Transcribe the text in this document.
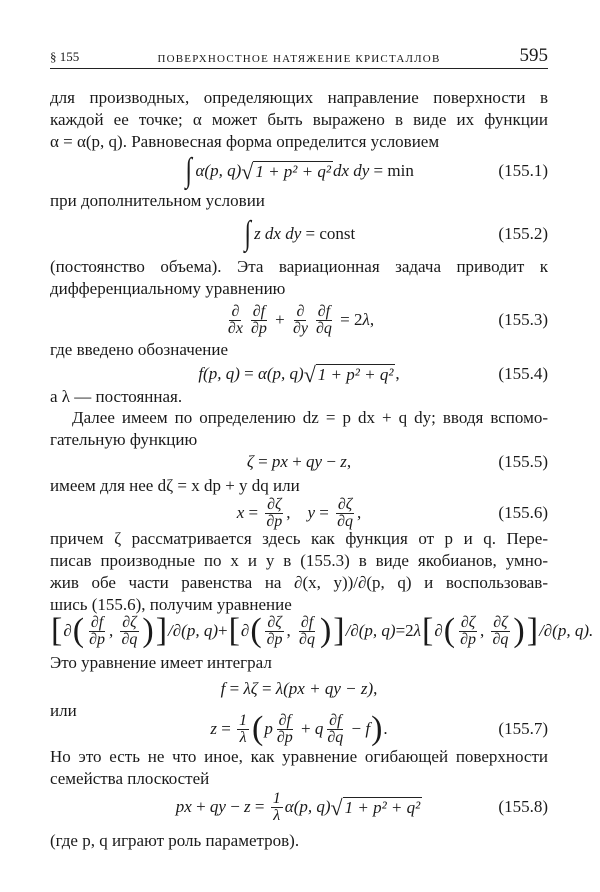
§ 155	ПОВЕРХНОСТНОЕ НАТЯЖЕНИЕ КРИСТАЛЛОВ	595
для производных, определяющих направление поверхности в
каждой ее точке; α может быть выражено в виде их функции
α = α(p, q). Равновесная форма определится условием
при дополнительном условии
(постоянство объема). Эта вариационная задача приводит к
дифференциальному уравнению
где введено обозначение
а λ — постоянная.
Далее имеем по определению dz = p dx + q dy; вводя вспомо-
гательную функцию
имеем для нее dζ = x dp + y dq или
причем ζ рассматривается здесь как функция от p и q. Пере-
писав производные по x и y в (155.3) в виде якобианов, умно-
жив обе части равенства на ∂(x, y))/∂(p, q) и воспользовав-
шись (155.6), получим уравнение
Это уравнение имеет интеграл
или
Но это есть не что иное, как уравнение огибающей поверхности
семейства плоскостей
(где p, q играют роль параметров).
∫ α(p, q) √ 1 + p² + q² dx dy = min	(155.1)
∫ z dx dy = const	(155.2)
$\frac{\partial}{\partial x} \frac{\partial f}{\partial p} + \frac{\partial}{\partial y} \frac{\partial f}{\partial q} = 2$ λ ,	(155.3)
f(p, q) = α(p, q) √ 1 + p² + q² ,	(155.4)
ζ = px + qy − z ,	(155.5)
$x = \frac{\partial\zeta}{\partial p}$ , $y = \frac{\partial\zeta}{\partial q}$ ,	(155.6)
[ ∂ ( $\frac{\partial f}{\partial p}$ , $\frac{\partial\zeta}{\partial q}$ ) ] /∂(p, q) + [ ∂ ( $\frac{\partial\zeta}{\partial p}$ , $\frac{\partial f}{\partial q}$ ) ] /∂(p, q) =2 λ [ ∂ ( $\frac{\partial\zeta}{\partial p}$ , $\frac{\partial\zeta}{\partial q}$ ) ] /∂(p, q).
f = λζ = λ(px + qy − z) ,
$z = \frac{1}{\lambda}$ ( p $\frac{\partial f}{\partial p} + q \frac{\partial f}{\partial q} - f$ ) .	(155.7)
px + qy − $z = \frac{1}{\lambda} \alpha(p$, q) √ 1 + p² + q²	(155.8)
